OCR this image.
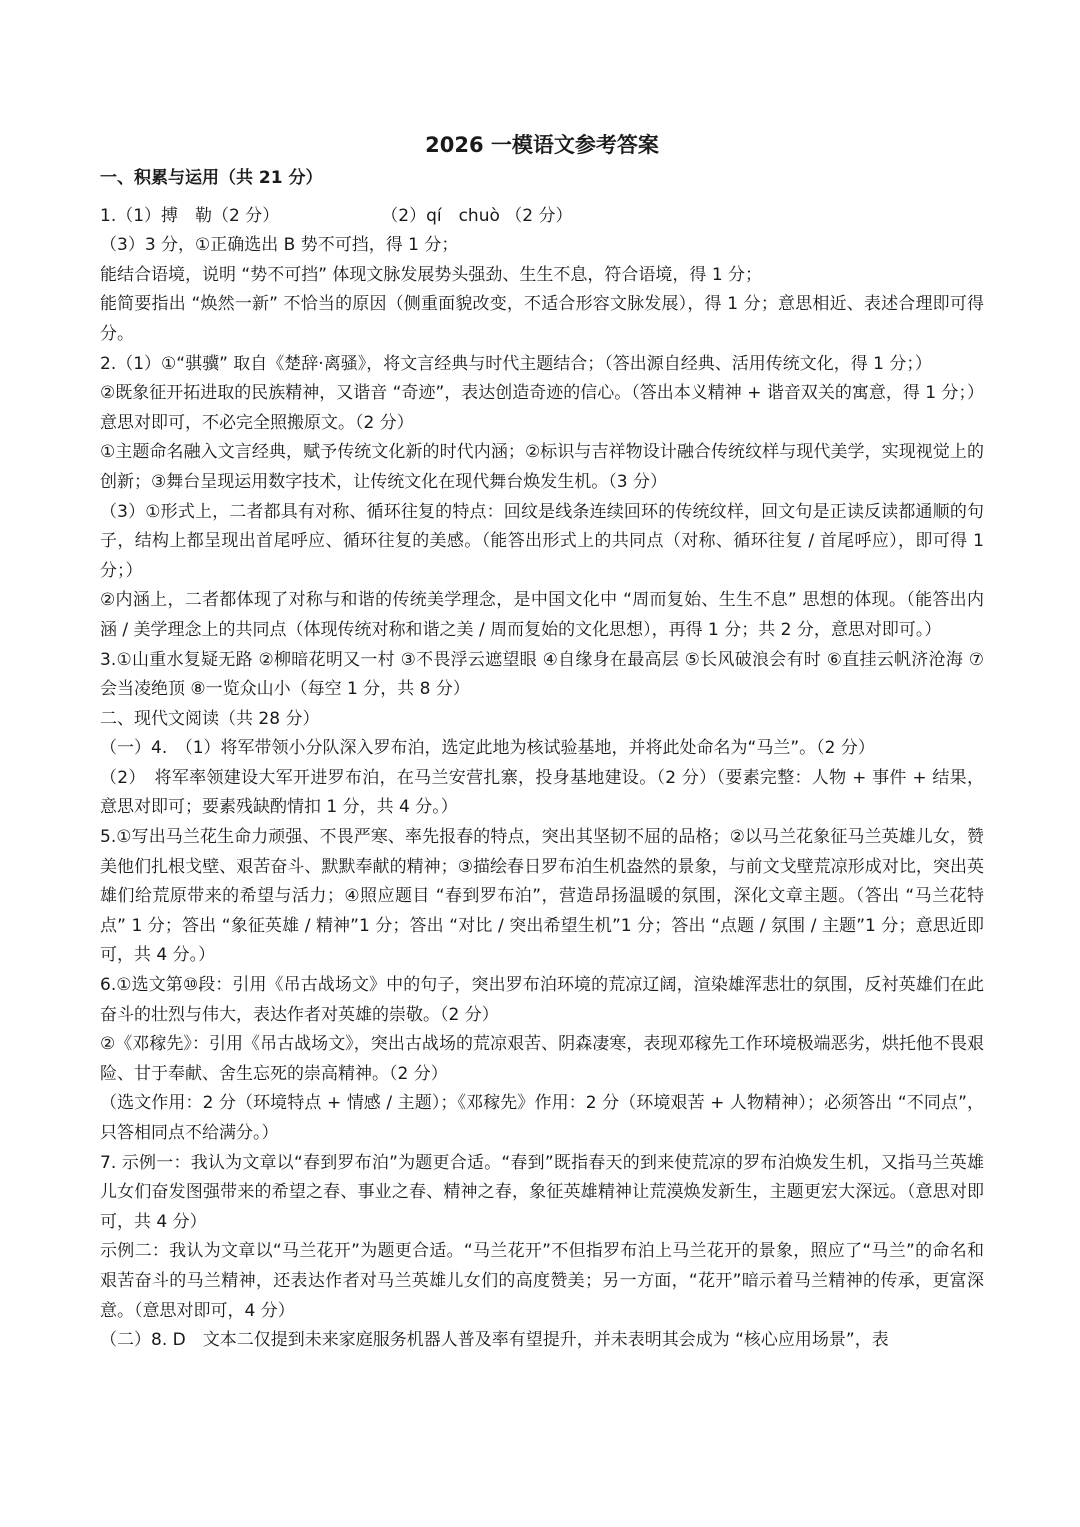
2026 一模语文参考答案
一、积累与运用（共 21 分）

1.（1）搏　勒（2 分）　　　　　　　（2）qí　chuò （2 分）

（3）3 分，①正确选出 B 势不可挡，得 1 分；

能结合语境，说明 “势不可挡” 体现文脉发展势头强劲、生生不息，符合语境，得 1 分；

能简要指出 “焕然一新” 不恰当的原因（侧重面貌改变，不适合形容文脉发展），得 1 分；意思相近、表述合理即可得分。

2.（1）①“骐骥” 取自《楚辞·离骚》，将文言经典与时代主题结合；（答出源自经典、活用传统文化，得 1 分；）

②既象征开拓进取的民族精神，又谐音 “奇迹”，表达创造奇迹的信心。（答出本义精神 + 谐音双关的寓意，得 1 分；）意思对即可，不必完全照搬原文。（2 分）

①主题命名融入文言经典，赋予传统文化新的时代内涵；②标识与吉祥物设计融合传统纹样与现代美学，实现视觉上的创新；③舞台呈现运用数字技术，让传统文化在现代舞台焕发生机。（3 分）

（3）①形式上，二者都具有对称、循环往复的特点：回纹是线条连续回环的传统纹样，回文句是正读反读都通顺的句子，结构上都呈现出首尾呼应、循环往复的美感。（能答出形式上的共同点（对称、循环往复 / 首尾呼应），即可得 1 分；）

②内涵上，二者都体现了对称与和谐的传统美学理念，是中国文化中 “周而复始、生生不息” 思想的体现。（能答出内涵 / 美学理念上的共同点（体现传统对称和谐之美 / 周而复始的文化思想），再得 1 分；共 2 分，意思对即可。）

3.①山重水复疑无路 ②柳暗花明又一村 ③不畏浮云遮望眼 ④自缘身在最高层 ⑤长风破浪会有时 ⑥直挂云帆济沧海 ⑦会当凌绝顶 ⑧一览众山小（每空 1 分，共 8 分）

二、现代文阅读（共 28 分）

（一）4.　（1）将军带领小分队深入罗布泊，选定此地为核试验基地，并将此处命名为“马兰”。（2 分）

（2）　将军率领建设大军开进罗布泊，在马兰安营扎寨，投身基地建设。（2 分）（要素完整：人物 + 事件 + 结果，意思对即可；要素残缺酌情扣 1 分，共 4 分。）

5.①写出马兰花生命力顽强、不畏严寒、率先报春的特点，突出其坚韧不屈的品格；②以马兰花象征马兰英雄儿女，赞美他们扎根戈壁、艰苦奋斗、默默奉献的精神；③描绘春日罗布泊生机盎然的景象，与前文戈壁荒凉形成对比，突出英雄们给荒原带来的希望与活力；④照应题目 “春到罗布泊”，营造昂扬温暖的氛围，深化文章主题。（答出 “马兰花特点” 1 分；答出 “象征英雄 / 精神”1 分；答出 “对比 / 突出希望生机”1 分；答出 “点题 / 氛围 / 主题”1 分；意思近即可，共 4 分。）

6.①选文第⑩段：引用《吊古战场文》中的句子，突出罗布泊环境的荒凉辽阔，渲染雄浑悲壮的氛围，反衬英雄们在此奋斗的壮烈与伟大，表达作者对英雄的崇敬。（2 分）

②《邓稼先》：引用《吊古战场文》，突出古战场的荒凉艰苦、阴森凄寒，表现邓稼先工作环境极端恶劣，烘托他不畏艰险、甘于奉献、舍生忘死的崇高精神。（2 分）

（选文作用：2 分（环境特点 + 情感 / 主题）；《邓稼先》作用：2 分（环境艰苦 + 人物精神）；必须答出 “不同点”，只答相同点不给满分。）

7. 示例一：我认为文章以“春到罗布泊”为题更合适。“春到”既指春天的到来使荒凉的罗布泊焕发生机，又指马兰英雄儿女们奋发图强带来的希望之春、事业之春、精神之春，象征英雄精神让荒漠焕发新生，主题更宏大深远。（意思对即可，共 4 分）

示例二：我认为文章以“马兰花开”为题更合适。“马兰花开”不但指罗布泊上马兰花开的景象，照应了“马兰”的命名和艰苦奋斗的马兰精神，还表达作者对马兰英雄儿女们的高度赞美；另一方面，“花开”暗示着马兰精神的传承，更富深意。（意思对即可，4 分）

（二）8. D　文本二仅提到未来家庭服务机器人普及率有望提升，并未表明其会成为 “核心应用场景”，表
